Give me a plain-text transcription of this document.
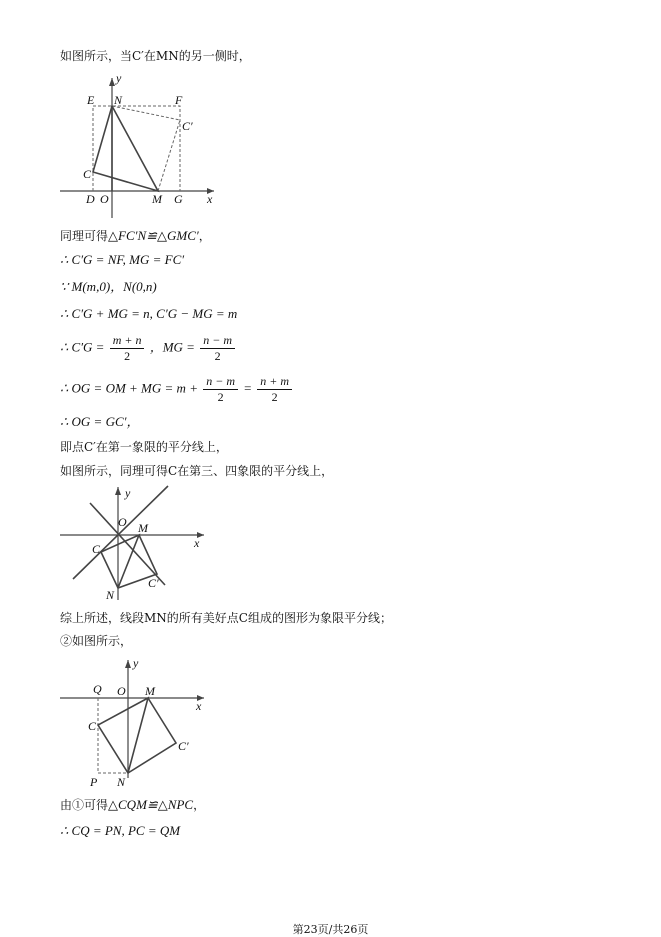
如图所示，当C′在MN的另一侧时，
y
E N	F
C′
C
D O	M G x
同理可得△FC′N≌△GMC′，
∴ C′G = NF, MG = FC′
∵ M(m,0)，N(0,n)
∴ C′G + MG = n, C′G − MG = m
∴ $C'G = \frac{m + n}{2}$ ，MG = $\frac{n - m}{2}$
∴ OG = OM + MG = $m + \frac{n - m}{2} = \frac{n + m}{2}$
∴ OG = GC′，
即点C′在第一象限的平分线上，
如图所示，同理可得C在第三、四象限的平分线上，
y
O M
x
C
C′
N
综上所述，线段MN的所有美好点C组成的图形为象限平分线；
②如图所示，
y
Q O M
x
C
C′
P N
由①可得△CQM≌△NPC，
∴ CQ = PN, PC = QM
第23页/共26页
